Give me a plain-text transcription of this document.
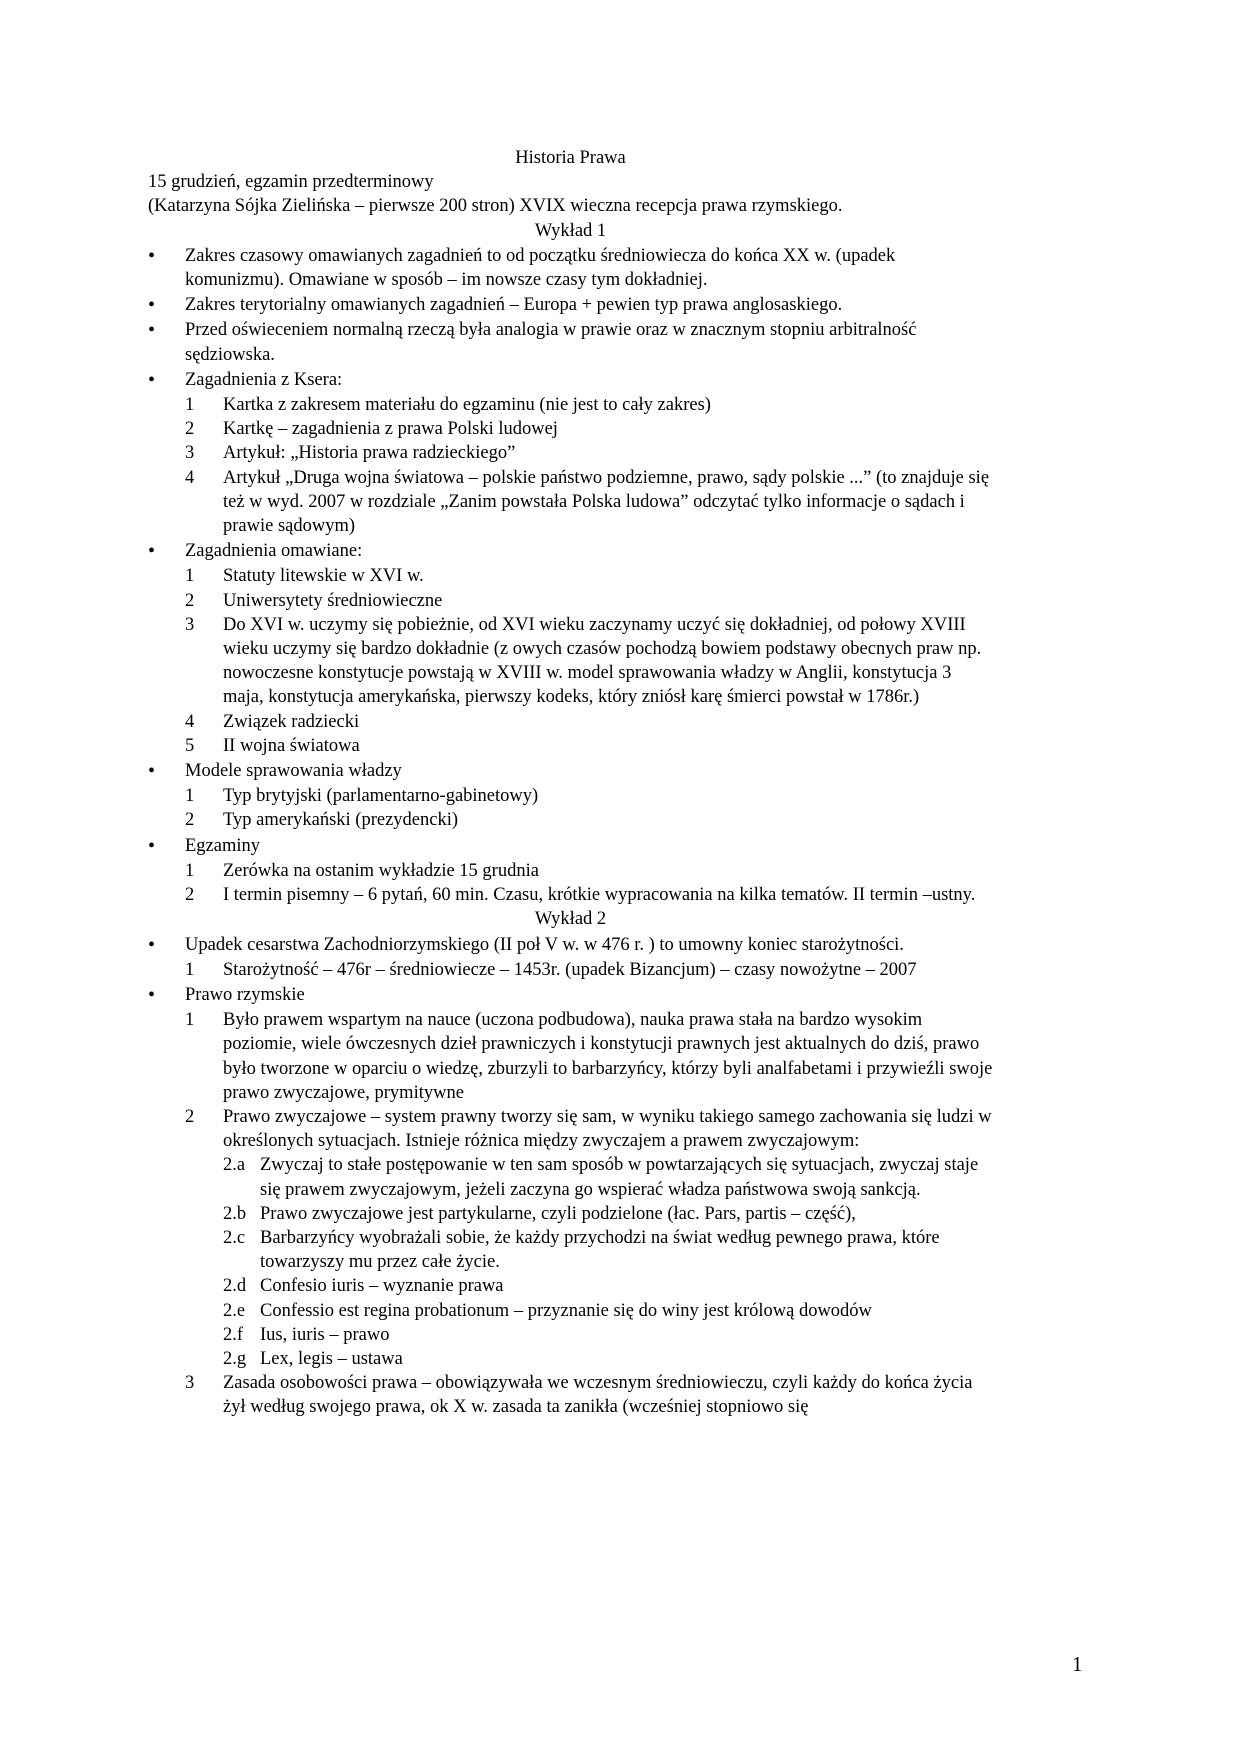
Historia Prawa

15 grudzień, egzamin przedterminowy

(Katarzyna Sójka Zielińska – pierwsze 200 stron) XVIX wieczna recepcja prawa rzymskiego.

Wykład 1

•	Zakres czasowy omawianych zagadnień to od początku średniowiecza do końca XX w. (upadek komunizmu). Omawiane w sposób – im nowsze czasy tym dokładniej.
•	Zakres terytorialny omawianych zagadnień – Europa + pewien typ prawa anglosaskiego.
•	Przed oświeceniem normalną rzeczą była analogia w prawie oraz w znacznym stopniu arbitralność sędziowska.
•	Zagadnienia z Ksera:
1 Kartka z zakresem materiału do egzaminu (nie jest to cały zakres)
2 Kartkę – zagadnienia z prawa Polski ludowej
3 Artykuł: „Historia prawa radzieckiego”
4 Artykuł „Druga wojna światowa – polskie państwo podziemne, prawo, sądy polskie ...” (to znajduje się też w wyd. 2007 w rozdziale „Zanim powstała Polska ludowa” odczytać tylko informacje o sądach i prawie sądowym)
•	Zagadnienia omawiane:
1 Statuty litewskie w XVI w.
2 Uniwersytety średniowieczne
3 Do XVI w. uczymy się pobieżnie, od XVI wieku zaczynamy uczyć się dokładniej, od połowy XVIII wieku uczymy się bardzo dokładnie (z owych czasów pochodzą bowiem podstawy obecnych praw np. nowoczesne konstytucje powstają w XVIII w. model sprawowania władzy w Anglii, konstytucja 3 maja, konstytucja amerykańska, pierwszy kodeks, który zniósł karę śmierci powstał w 1786r.)
4 Związek radziecki
5 II wojna światowa
•	Modele sprawowania władzy
1 Typ brytyjski (parlamentarno-gabinetowy)
2 Typ amerykański (prezydencki)
•	Egzaminy
1 Zerówka na ostanim wykładzie 15 grudnia
2 I termin pisemny – 6 pytań, 60 min. Czasu, krótkie wypracowania na kilka tematów. II termin –ustny.

Wykład 2

•	Upadek cesarstwa Zachodniorzymskiego (II poł V w. w 476 r. ) to umowny koniec starożytności.
1 Starożytność – 476r – średniowiecze – 1453r. (upadek Bizancjum) – czasy nowożytne – 2007
•	Prawo rzymskie
1 Było prawem wspartym na nauce (uczona podbudowa), nauka prawa stała na bardzo wysokim poziomie, wiele ówczesnych dzieł prawniczych i konstytucji prawnych jest aktualnych do dziś, prawo było tworzone w oparciu o wiedzę, zburzyli to barbarzyńcy, którzy byli analfabetami i przywieźli swoje prawo zwyczajowe, prymitywne
2 Prawo zwyczajowe – system prawny tworzy się sam, w wyniku takiego samego zachowania się ludzi w określonych sytuacjach. Istnieje różnica między zwyczajem a prawem zwyczajowym:
2.a Zwyczaj to stałe postępowanie w ten sam sposób w powtarzających się sytuacjach, zwyczaj staje się prawem zwyczajowym, jeżeli zaczyna go wspierać władza państwowa swoją sankcją.
2.b Prawo zwyczajowe jest partykularne, czyli podzielone (łac. Pars, partis – część),
2.c Barbarzyńcy wyobrażali sobie, że każdy przychodzi na świat według pewnego prawa, które towarzyszy mu przez całe życie.
2.d Confesio iuris – wyznanie prawa
2.e Confessio est regina probationum – przyznanie się do winy jest królową dowodów
2.f Ius, iuris – prawo
2.g Lex, legis – ustawa
3 Zasada osobowości prawa – obowiązywała we wczesnym średniowieczu, czyli każdy do końca życia żył według swojego prawa, ok X w. zasada ta zanikła (wcześniej stopniowo się
1
